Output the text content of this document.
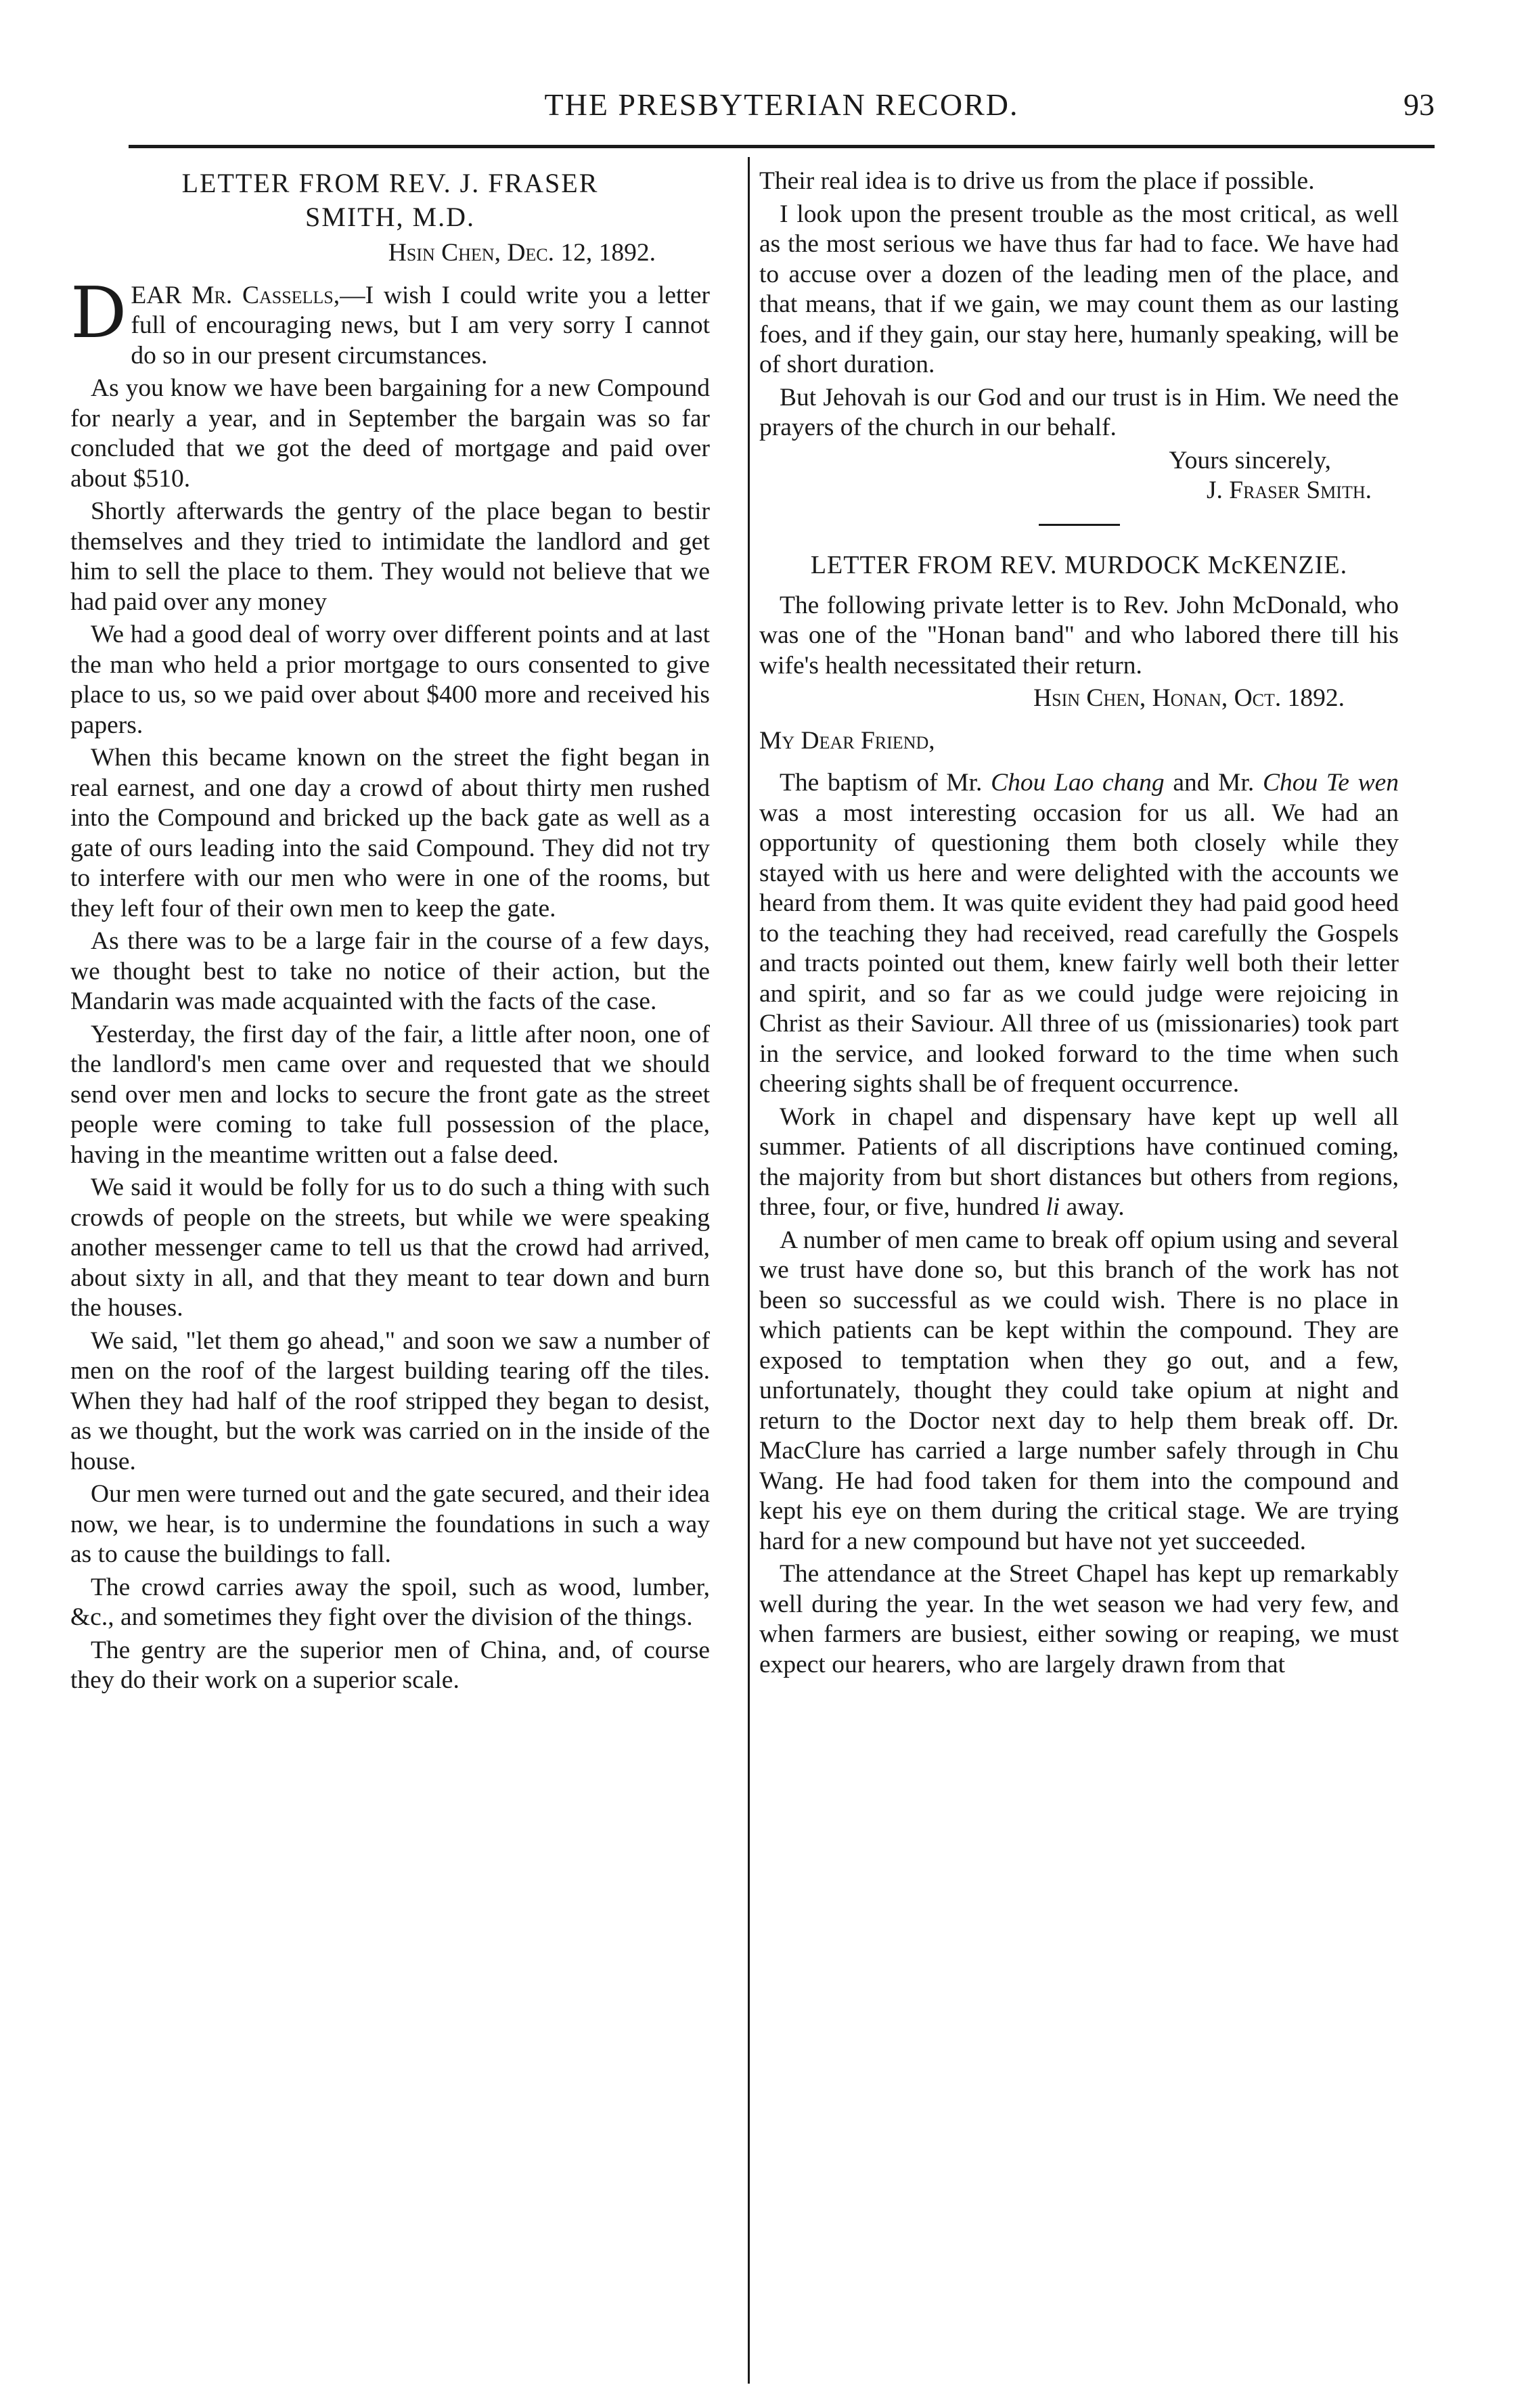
THE PRESBYTERIAN RECORD.	93
LETTER FROM REV. J. FRASER
SMITH, M.D.
Hsin Chen, Dec. 12, 1892.

DEAR Mr. Cassells,—I wish I could write you a letter full of encouraging news, but I am very sorry I cannot do so in our present circumstances.

As you know we have been bargaining for a new Compound for nearly a year, and in September the bargain was so far concluded that we got the deed of mortgage and paid over about $510.

Shortly afterwards the gentry of the place began to bestir themselves and they tried to intimidate the landlord and get him to sell the place to them. They would not believe that we had paid over any money

We had a good deal of worry over different points and at last the man who held a prior mortgage to ours consented to give place to us, so we paid over about $400 more and received his papers.

When this became known on the street the fight began in real earnest, and one day a crowd of about thirty men rushed into the Compound and bricked up the back gate as well as a gate of ours leading into the said Compound. They did not try to interfere with our men who were in one of the rooms, but they left four of their own men to keep the gate.

As there was to be a large fair in the course of a few days, we thought best to take no notice of their action, but the Mandarin was made acquainted with the facts of the case.

Yesterday, the first day of the fair, a little after noon, one of the landlord's men came over and requested that we should send over men and locks to secure the front gate as the street people were coming to take full possession of the place, having in the meantime written out a false deed.

We said it would be folly for us to do such a thing with such crowds of people on the streets, but while we were speaking another messenger came to tell us that the crowd had arrived, about sixty in all, and that they meant to tear down and burn the houses.

We said, "let them go ahead," and soon we saw a number of men on the roof of the largest building tearing off the tiles. When they had half of the roof stripped they began to desist, as we thought, but the work was carried on in the inside of the house.

Our men were turned out and the gate secured, and their idea now, we hear, is to undermine the foundations in such a way as to cause the buildings to fall.

The crowd carries away the spoil, such as wood, lumber, &c., and sometimes they fight over the division of the things.

The gentry are the superior men of China, and, of course they do their work on a superior scale.

Their real idea is to drive us from the place if possible.

I look upon the present trouble as the most critical, as well as the most serious we have thus far had to face. We have had to accuse over a dozen of the leading men of the place, and that means, that if we gain, we may count them as our lasting foes, and if they gain, our stay here, humanly speaking, will be of short duration.

But Jehovah is our God and our trust is in Him. We need the prayers of the church in our behalf.

Yours sincerely,
J. Fraser Smith.
LETTER FROM REV. MURDOCK McKENZIE.

The following private letter is to Rev. John McDonald, who was one of the "Honan band" and who labored there till his wife's health necessitated their return.

Hsin Chen, Honan, Oct. 1892.
My Dear Friend,

The baptism of Mr. Chou Lao chang and Mr. Chou Te wen was a most interesting occasion for us all. We had an opportunity of questioning them both closely while they stayed with us here and were delighted with the accounts we heard from them. It was quite evident they had paid good heed to the teaching they had received, read carefully the Gospels and tracts pointed out them, knew fairly well both their letter and spirit, and so far as we could judge were rejoicing in Christ as their Saviour. All three of us (missionaries) took part in the service, and looked forward to the time when such cheering sights shall be of frequent occurrence.

Work in chapel and dispensary have kept up well all summer. Patients of all discriptions have continued coming, the majority from but short distances but others from regions, three, four, or five, hundred li away.

A number of men came to break off opium using and several we trust have done so, but this branch of the work has not been so successful as we could wish. There is no place in which patients can be kept within the compound. They are exposed to temptation when they go out, and a few, unfortunately, thought they could take opium at night and return to the Doctor next day to help them break off. Dr. MacClure has carried a large number safely through in Chu Wang. He had food taken for them into the compound and kept his eye on them during the critical stage. We are trying hard for a new compound but have not yet succeeded.

The attendance at the Street Chapel has kept up remarkably well during the year. In the wet season we had very few, and when farmers are busiest, either sowing or reaping, we must expect our hearers, who are largely drawn from that
